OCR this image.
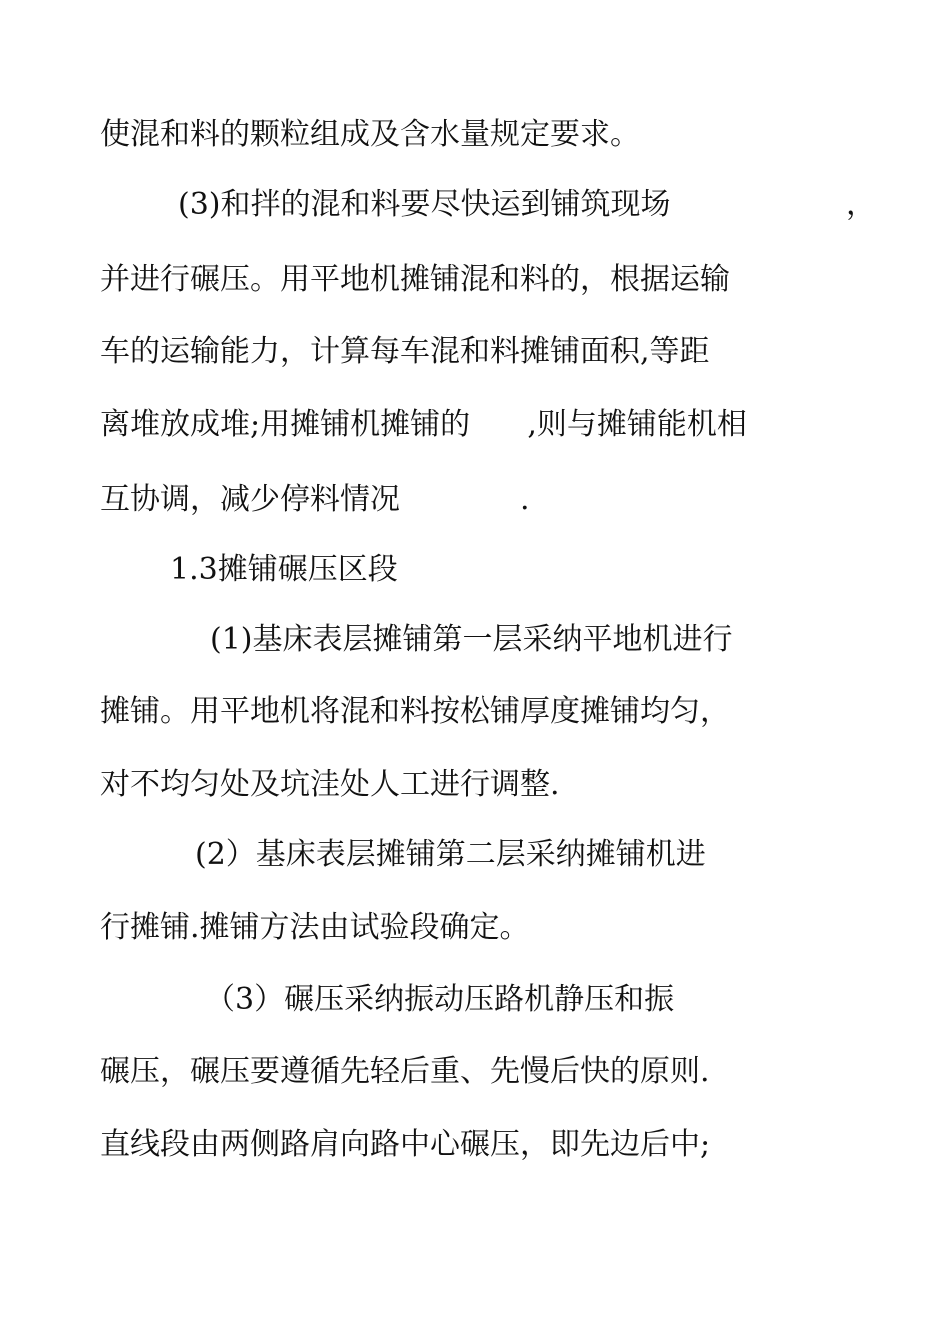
使混和料的颗粒组成及含水量规定要求。
(3)和拌的混和料要尽快运到铺筑现场	，
并进行碾压。用平地机摊铺混和料的，根据运输
车的运输能力，计算每车混和料摊铺面积,等距
离堆放成堆;用摊铺机摊铺的      ,则与摊铺能机相
互协调，减少停料情况	.
1.3摊铺碾压区段
(1)基床表层摊铺第一层采纳平地机进行
摊铺。用平地机将混和料按松铺厚度摊铺均匀，
对不均匀处及坑洼处人工进行调整.
(2）基床表层摊铺第二层采纳摊铺机进
行摊铺.摊铺方法由试验段确定。
（3）碾压采纳振动压路机静压和振
碾压，碾压要遵循先轻后重、先慢后快的原则.
直线段由两侧路肩向路中心碾压，即先边后中;
